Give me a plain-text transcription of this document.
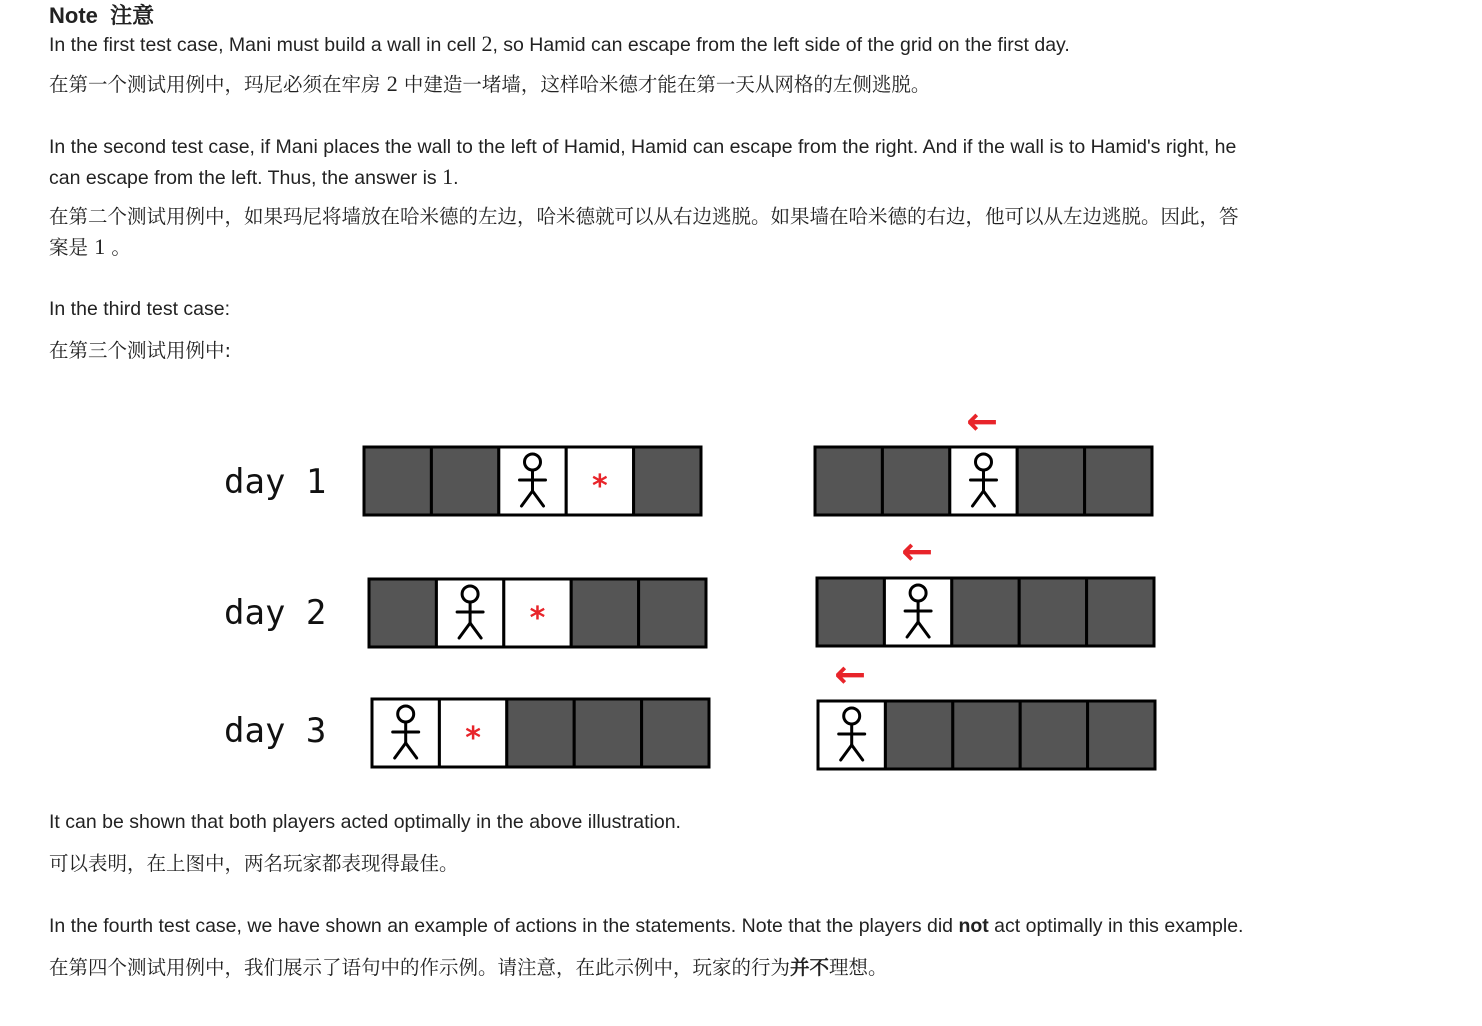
Note 注意
In the first test case, Mani must build a wall in cell 2, so Hamid can escape from the left side of the grid on the first day.
在第一个测试用例中，玛尼必须在牢房 2 中建造一堵墙，这样哈米德才能在第一天从网格的左侧逃脱。
In the second test case, if Mani places the wall to the left of Hamid, Hamid can escape from the right. And if the wall is to Hamid's right, he
can escape from the left. Thus, the answer is 1.
在第二个测试用例中，如果玛尼将墙放在哈米德的左边，哈米德就可以从右边逃脱。如果墙在哈米德的右边，他可以从左边逃脱。因此，答
案是 1 。
In the third test case:
在第三个测试用例中:
day 1	*
←
day 2	*
←
day 3	*
←
It can be shown that both players acted optimally in the above illustration.
可以表明，在上图中，两名玩家都表现得最佳。
In the fourth test case, we have shown an example of actions in the statements. Note that the players did not act optimally in this example.
在第四个测试用例中，我们展示了语句中的作示例。请注意，在此示例中，玩家的行为并不理想。
